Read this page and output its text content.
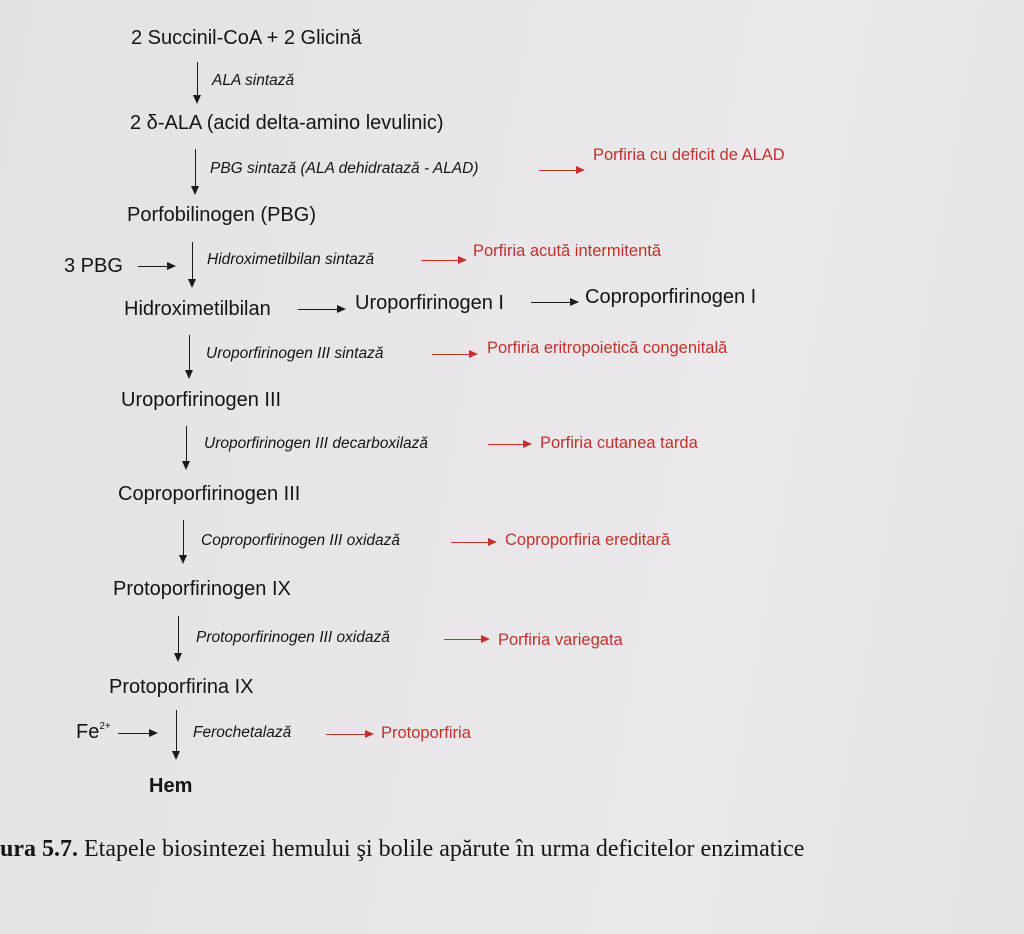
2 Succinil-CoA + 2 Glicină
ALA sintază
2 δ-ALA (acid delta-amino levulinic)
PBG sintază (ALA dehidratază - ALAD)
Porfiria cu deficit de ALAD
Porfobilinogen (PBG)
3 PBG	Hidroximetilbilan sintază	Porfiria acută intermitentă
Hidroximetilbilan	Uroporfirinogen I	Coproporfirinogen I
Uroporfirinogen III sintază	Porfiria eritropoietică congenitală
Uroporfirinogen III
Uroporfirinogen III decarboxilază	Porfiria cutanea tarda
Coproporfirinogen III
Coproporfirinogen III oxidază	Coproporfiria ereditară
Protoporfirinogen IX
Protoporfirinogen III oxidază	Porfiria variegata
Protoporfirina IX
$Fe^{2+}$	Ferochetalază	Protoporfiria
Hem
ura 5.7. Etapele biosintezei hemului şi bolile apărute în urma deficitelor enzimatice
